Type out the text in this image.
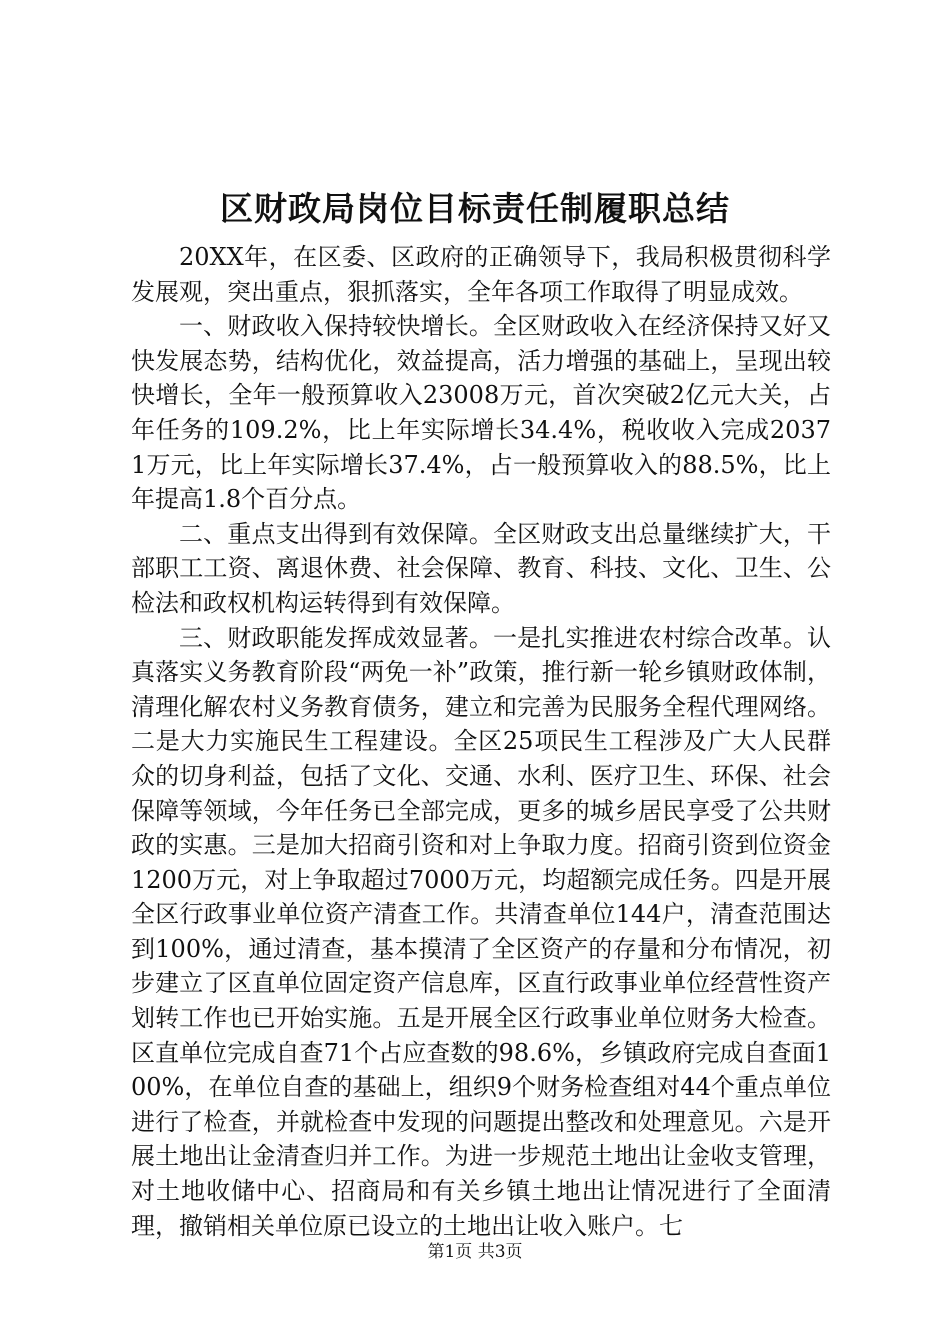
区财政局岗位目标责任制履职总结

20XX年，在区委、区政府的正确领导下，我局积极贯彻科学发展观，突出重点，狠抓落实，全年各项工作取得了明显成效。

一、财政收入保持较快增长。全区财政收入在经济保持又好又快发展态势，结构优化，效益提高，活力增强的基础上，呈现出较快增长，全年一般预算收入23008万元，首次突破2亿元大关，占年任务的109.2%，比上年实际增长34.4%，税收收入完成20371万元，比上年实际增长37.4%，占一般预算收入的88.5%，比上年提高1.8个百分点。

二、重点支出得到有效保障。全区财政支出总量继续扩大，干部职工工资、离退休费、社会保障、教育、科技、文化、卫生、公检法和政权机构运转得到有效保障。

三、财政职能发挥成效显著。一是扎实推进农村综合改革。认真落实义务教育阶段“两免一补”政策，推行新一轮乡镇财政体制，清理化解农村义务教育债务，建立和完善为民服务全程代理网络。二是大力实施民生工程建设。全区25项民生工程涉及广大人民群众的切身利益，包括了文化、交通、水利、医疗卫生、环保、社会保障等领域，今年任务已全部完成，更多的城乡居民享受了公共财政的实惠。三是加大招商引资和对上争取力度。招商引资到位资金1200万元，对上争取超过7000万元，均超额完成任务。四是开展全区行政事业单位资产清查工作。共清查单位144户，清查范围达到100%，通过清查，基本摸清了全区资产的存量和分布情况，初步建立了区直单位固定资产信息库，区直行政事业单位经营性资产划转工作也已开始实施。五是开展全区行政事业单位财务大检查。区直单位完成自查71个占应查数的98.6%，乡镇政府完成自查面100%，在单位自查的基础上，组织9个财务检查组对44个重点单位进行了检查，并就检查中发现的问题提出整改和处理意见。六是开展土地出让金清查归并工作。为进一步规范土地出让金收支管理，对土地收储中心、招商局和有关乡镇土地出让情况进行了全面清理，撤销相关单位原已设立的土地出让收入账户。七

第1页 共3页
